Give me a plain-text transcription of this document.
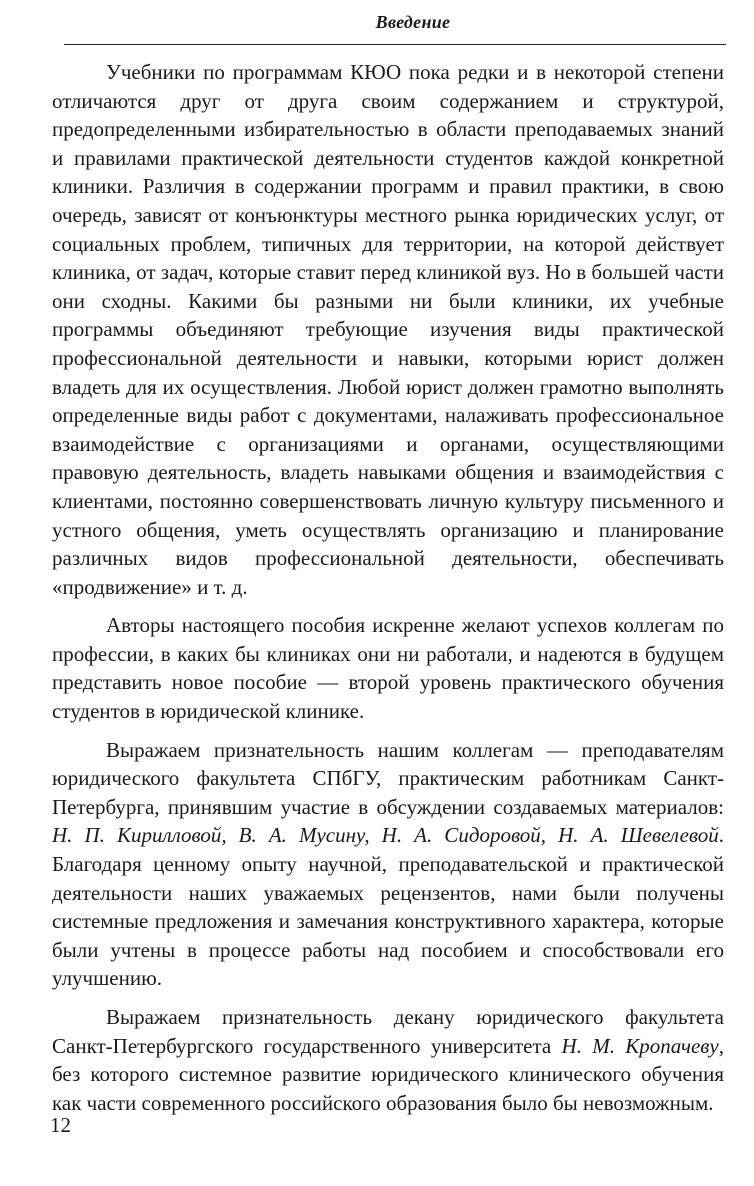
Введение

Учебники по программам КЮО пока редки и в некоторой степени отличаются друг от друга своим содержанием и структурой, предопределенными избирательностью в области преподаваемых знаний и правилами практической деятельности студентов каждой конкретной клиники. Различия в содержании программ и правил практики, в свою очередь, зависят от конъюнктуры местного рынка юридических услуг, от социальных проблем, типичных для территории, на которой действует клиника, от задач, которые ставит перед клиникой вуз. Но в большей части они сходны. Какими бы разными ни были клиники, их учебные программы объединяют требующие изучения виды практической профессиональной деятельности и навыки, которыми юрист должен владеть для их осуществления. Любой юрист должен грамотно выполнять определенные виды работ с документами, налаживать профессиональное взаимодействие с организациями и органами, осуществляющими правовую деятельность, владеть навыками общения и взаимодействия с клиентами, постоянно совершенствовать личную культуру письменного и устного общения, уметь осуществлять организацию и планирование различных видов профессиональной деятельности, обеспечивать «продвижение» и т. д.

Авторы настоящего пособия искренне желают успехов коллегам по профессии, в каких бы клиниках они ни работали, и надеются в будущем представить новое пособие — второй уровень практического обучения студентов в юридической клинике.

Выражаем признательность нашим коллегам — преподавателям юридического факультета СПбГУ, практическим работникам Санкт-Петербурга, принявшим участие в обсуждении создаваемых материалов: Н. П. Кирилловой, В. А. Мусину, Н. А. Сидоровой, Н. А. Шевелевой. Благодаря ценному опыту научной, преподавательской и практической деятельности наших уважаемых рецензентов, нами были получены системные предложения и замечания конструктивного характера, которые были учтены в процессе работы над пособием и способствовали его улучшению.

Выражаем признательность декану юридического факультета Санкт-Петербургского государственного университета Н. М. Кропачеву, без которого системное развитие юридического клинического обучения как части современного российского образования было бы невозможным.

12
